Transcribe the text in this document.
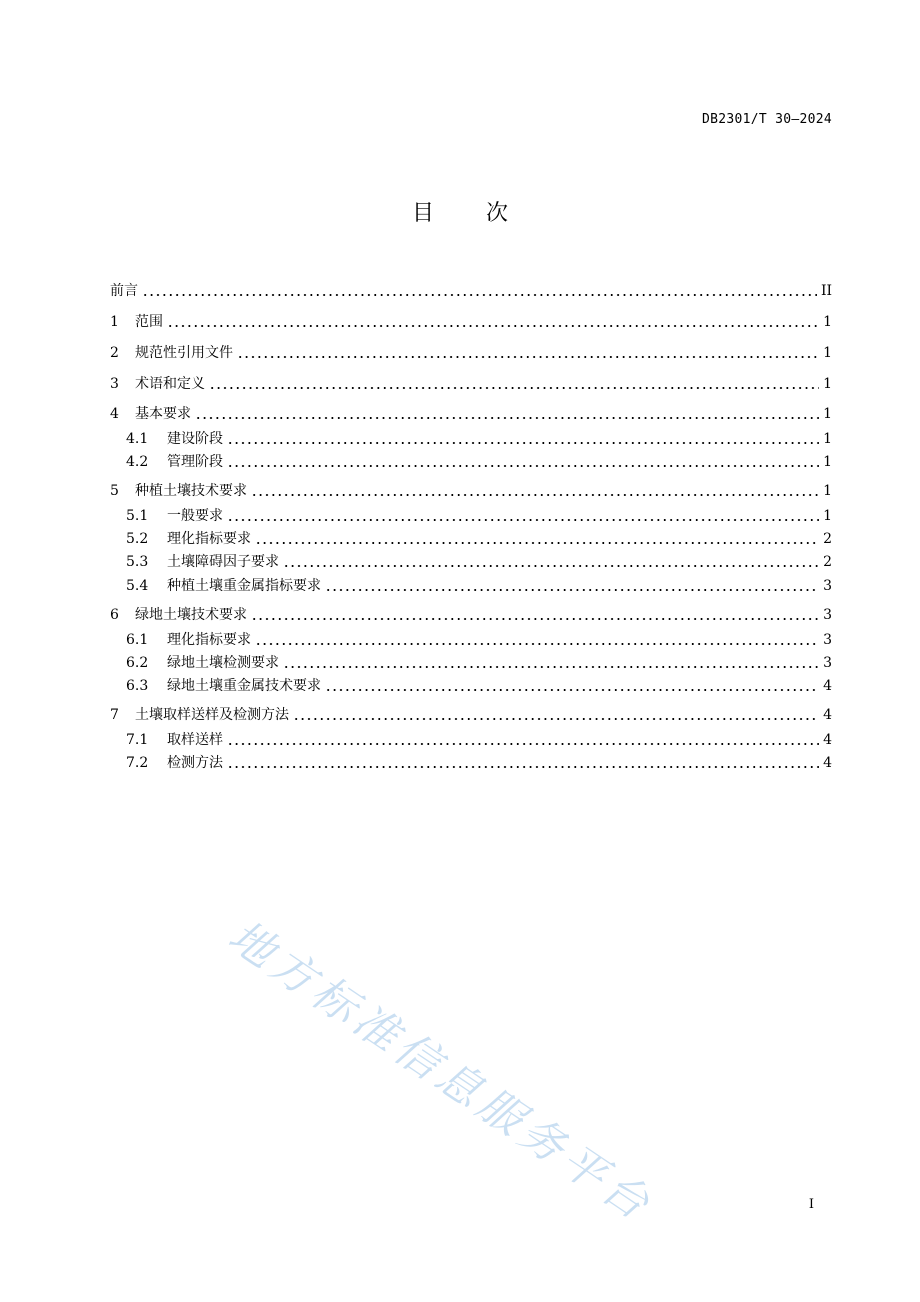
DB2301/T 30—2024
目 次
前言	II
1	范围	1
2	规范性引用文件	1
3	术语和定义	1
4	基本要求	1
4.1	建设阶段	1
4.2	管理阶段	1
5	种植土壤技术要求	1
5.1	一般要求	1
5.2	理化指标要求	2
5.3	土壤障碍因子要求	2
5.4	种植土壤重金属指标要求	3
6	绿地土壤技术要求	3
6.1	理化指标要求	3
6.2	绿地土壤检测要求	3
6.3	绿地土壤重金属技术要求	4
7	土壤取样送样及检测方法	4
7.1	取样送样	4
7.2	检测方法	4
地方标准信息服务平台	I
